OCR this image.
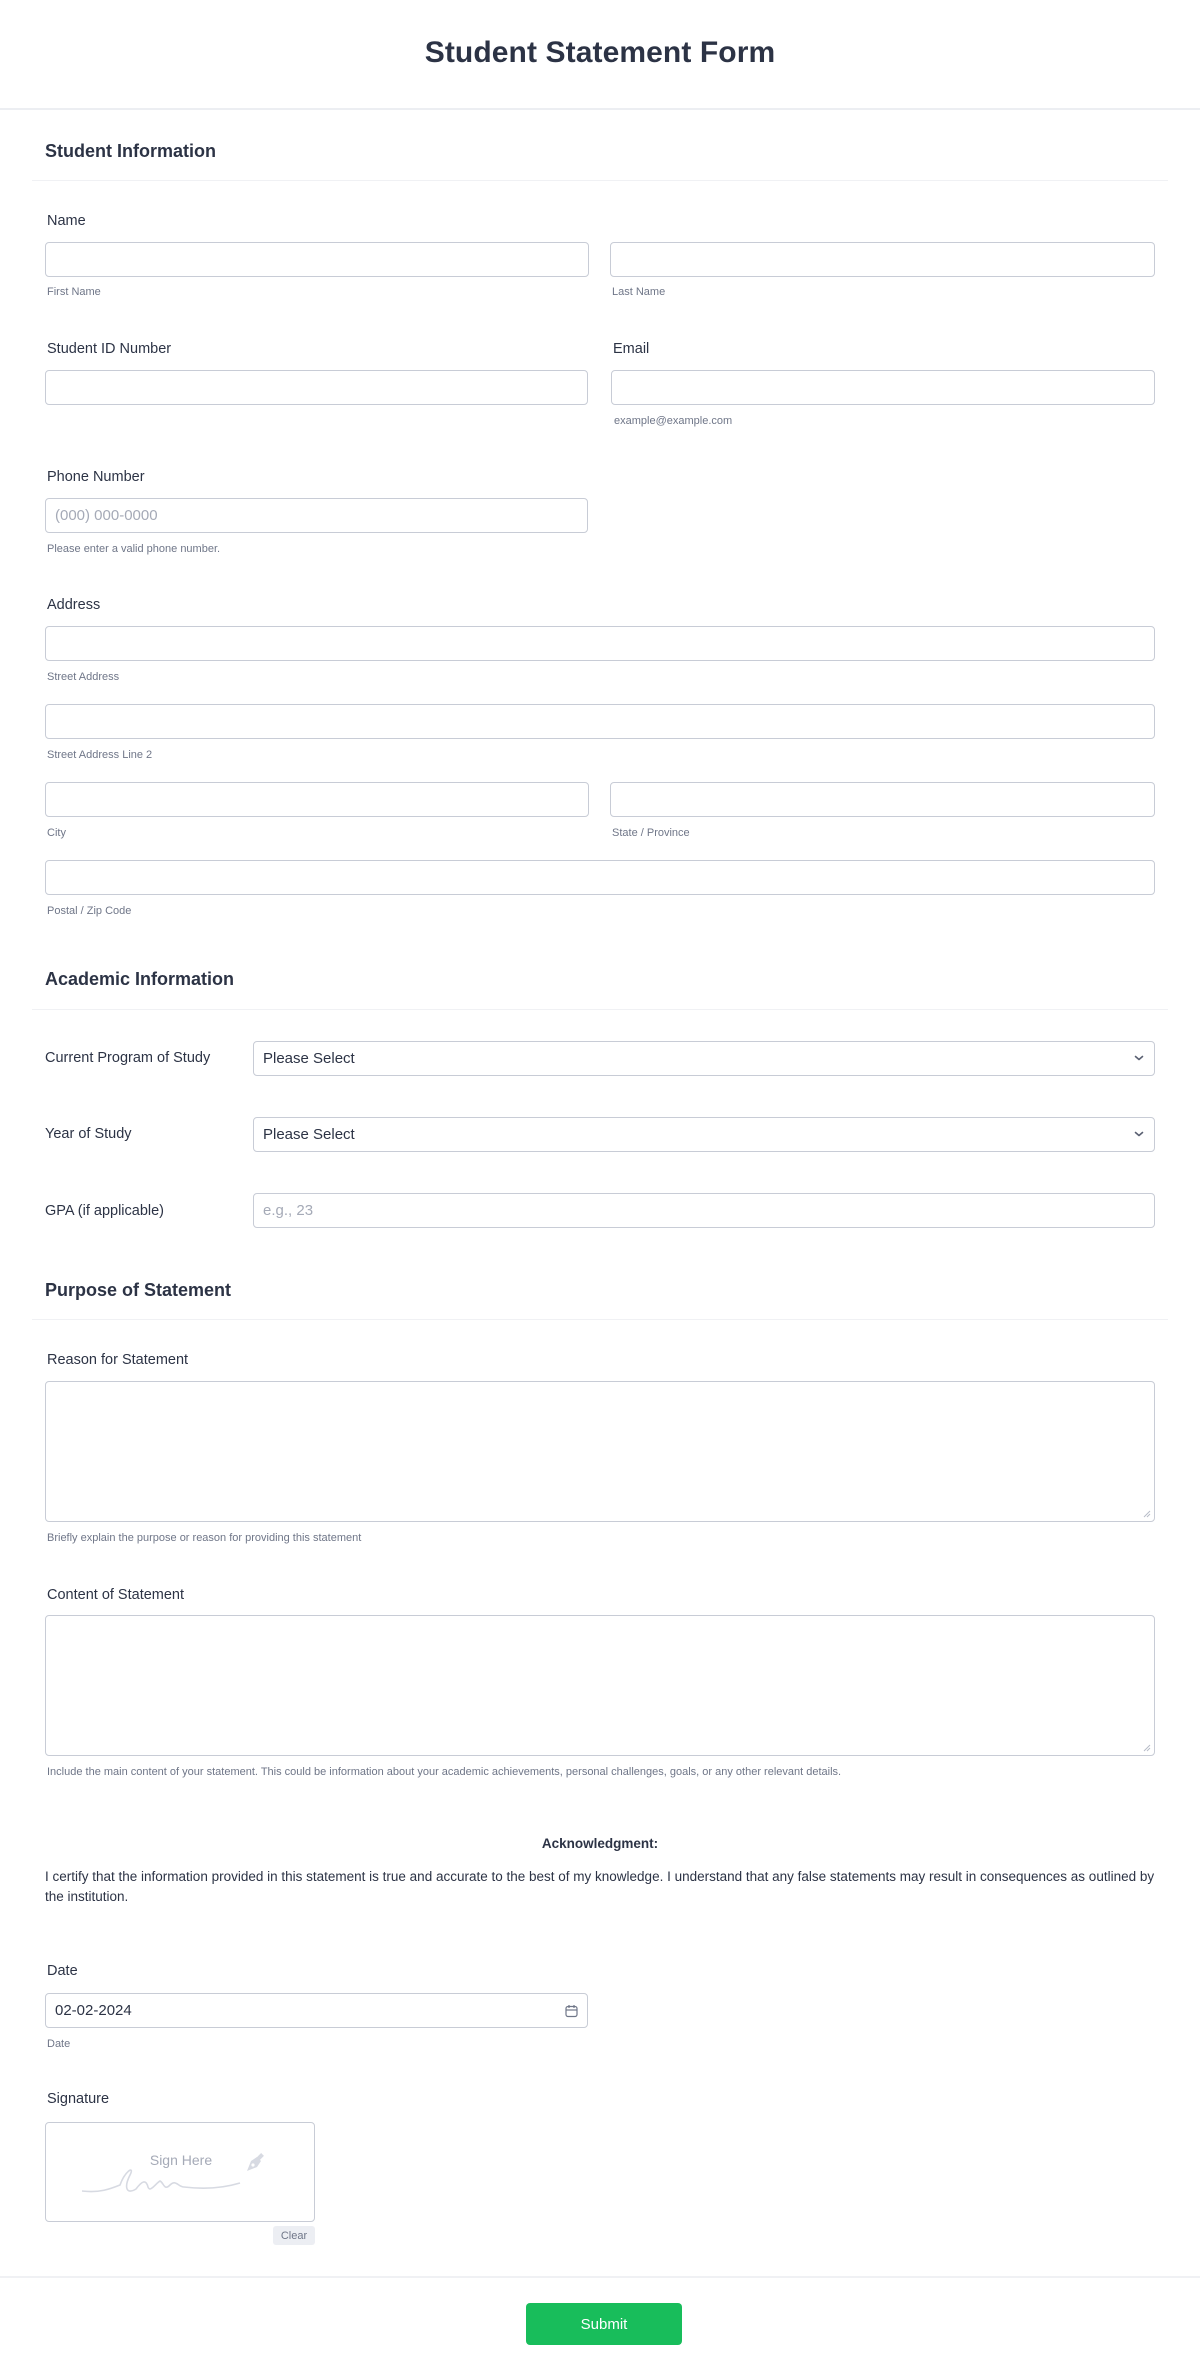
Student Statement Form
Student Information
Name
First Name	Last Name
Student ID Number	Email
example@example.com
Phone Number
(000) 000-0000
Please enter a valid phone number.
Address
Street Address
Street Address Line 2
City	State / Province
Postal / Zip Code
Academic Information
Current Program of Study	Please Select
Year of Study	Please Select
GPA (if applicable)	e.g., 23
Purpose of Statement
Reason for Statement
Briefly explain the purpose or reason for providing this statement
Content of Statement
Include the main content of your statement. This could be information about your academic achievements, personal challenges, goals, or any other relevant details.
Acknowledgment:
I certify that the information provided in this statement is true and accurate to the best of my knowledge. I understand that any false statements may result in consequences as outlined by the institution.
Date
02-02-2024
Date
Signature
Sign Here
Clear
Submit
